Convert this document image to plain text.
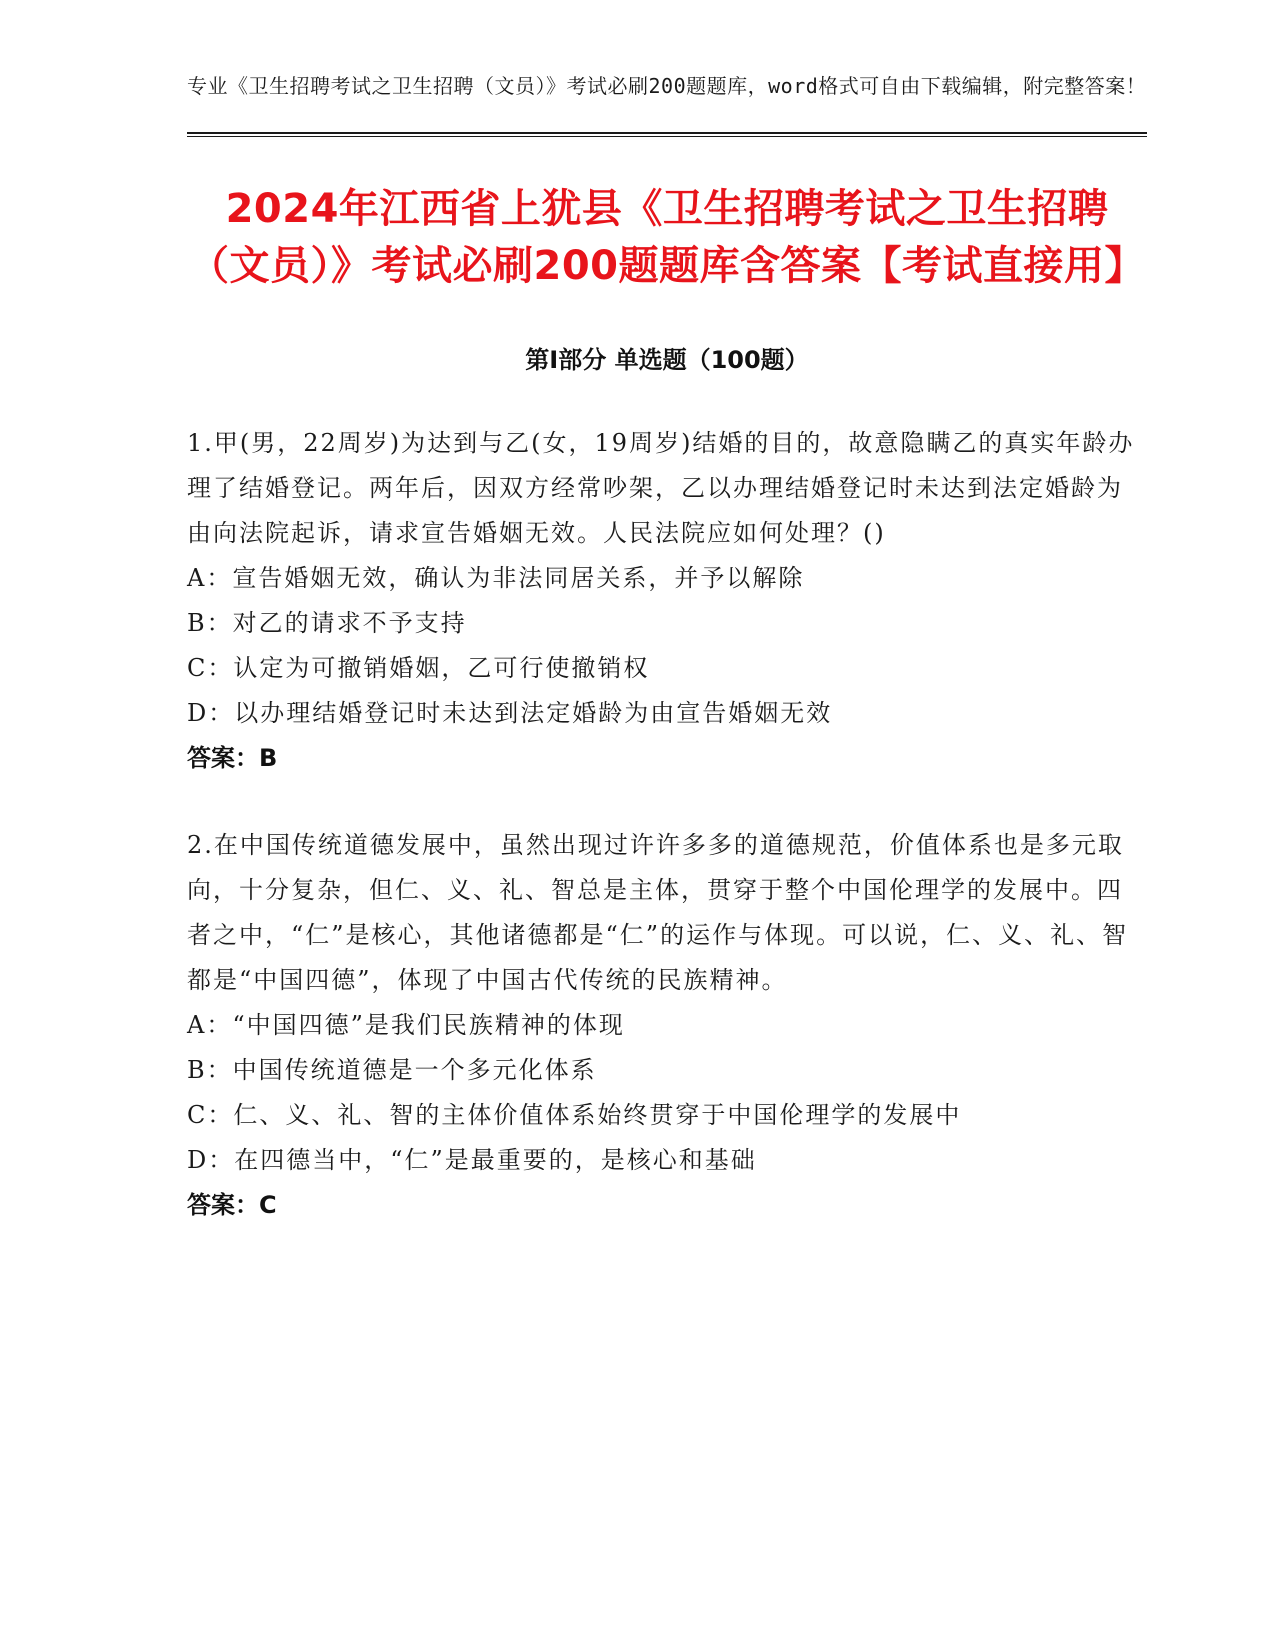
专业《卫生招聘考试之卫生招聘（文员）》考试必刷200题题库，word格式可自由下载编辑，附完整答案！
2024年江西省上犹县《卫生招聘考试之卫生招聘（文员）》考试必刷200题题库含答案【考试直接用】
第Ⅰ部分 单选题（100题）
1.甲(男，22周岁)为达到与乙(女，19周岁)结婚的目的，故意隐瞒乙的真实年龄办理了结婚登记。两年后，因双方经常吵架，乙以办理结婚登记时未达到法定婚龄为由向法院起诉，请求宣告婚姻无效。人民法院应如何处理？()
A：宣告婚姻无效，确认为非法同居关系，并予以解除
B：对乙的请求不予支持
C：认定为可撤销婚姻，乙可行使撤销权
D：以办理结婚登记时未达到法定婚龄为由宣告婚姻无效
答案：B
2.在中国传统道德发展中，虽然出现过许许多多的道德规范，价值体系也是多元取向，十分复杂，但仁、义、礼、智总是主体，贯穿于整个中国伦理学的发展中。四者之中，“仁”是核心，其他诸德都是“仁”的运作与体现。可以说，仁、义、礼、智都是“中国四德”，体现了中国古代传统的民族精神。
A：“中国四德”是我们民族精神的体现
B：中国传统道德是一个多元化体系
C：仁、义、礼、智的主体价值体系始终贯穿于中国伦理学的发展中
D：在四德当中，“仁”是最重要的，是核心和基础
答案：C
